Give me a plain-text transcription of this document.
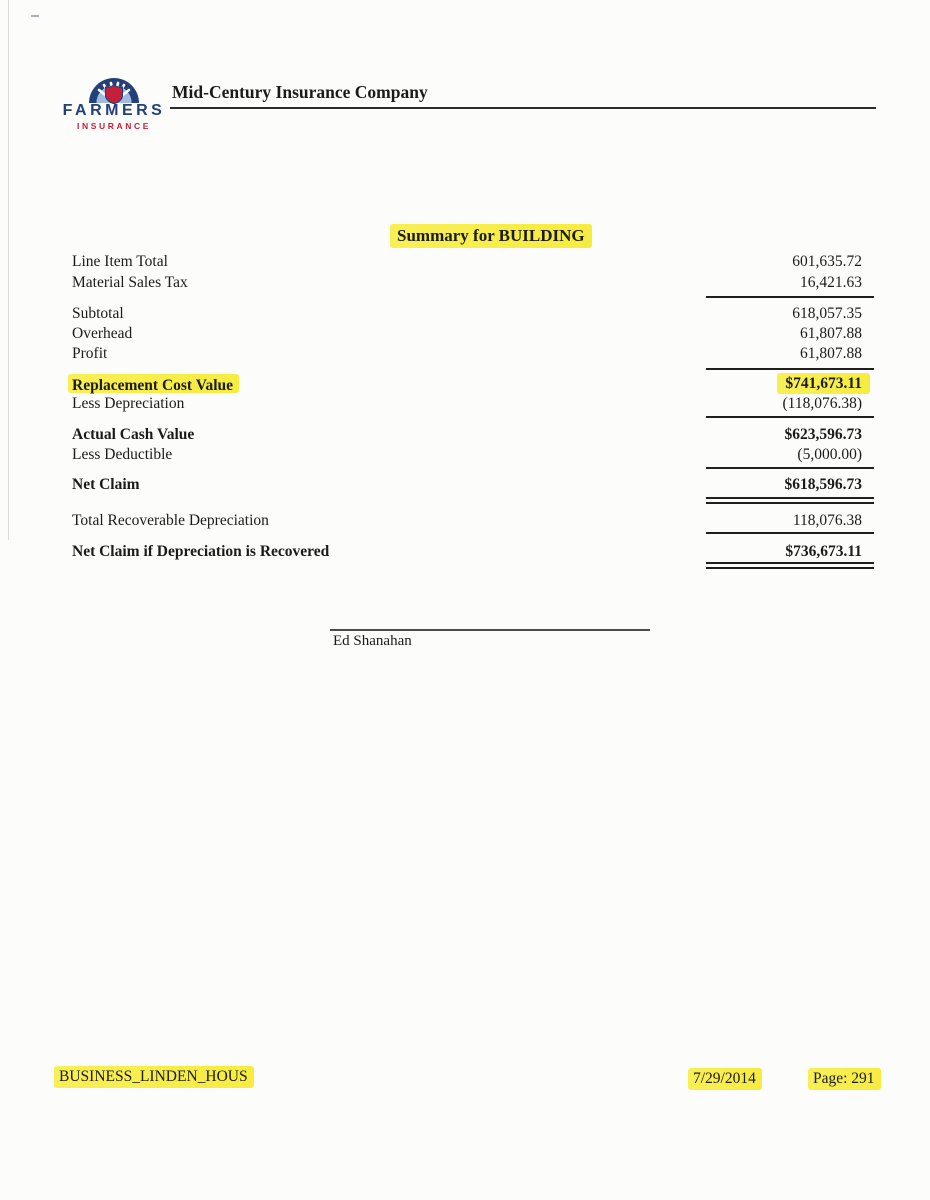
FARMERS
INSURANCE
Mid-Century Insurance Company
Summary for BUILDING
Line Item Total	601,635.72
Material Sales Tax	16,421.63
Subtotal	618,057.35
Overhead	61,807.88
Profit	61,807.88
Replacement Cost Value	$741,673.11
Less Depreciation	(118,076.38)
Actual Cash Value	$623,596.73
Less Deductible	(5,000.00)
Net Claim	$618,596.73
Total Recoverable Depreciation	118,076.38
Net Claim if Depreciation is Recovered	$736,673.11
Ed Shanahan
BUSINESS_LINDEN_HOUS	7/29/2014	Page: 291
